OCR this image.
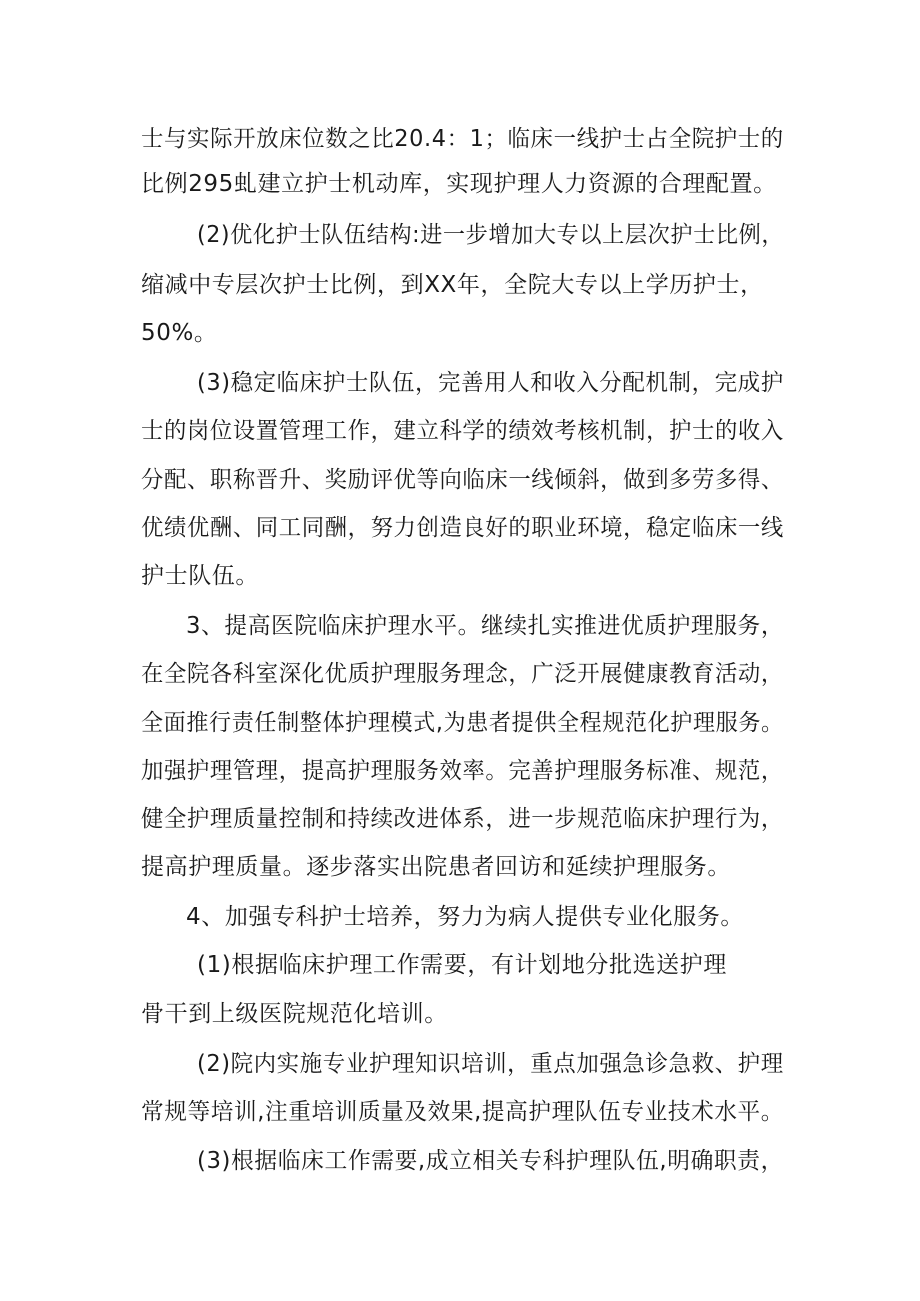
士与实际开放床位数之比20.4：1；临床一线护士占全院护士的
比例295虬建立护士机动库，实现护理人力资源的合理配置。
(2)优化护士队伍结构:进一步增加大专以上层次护士比例，
缩减中专层次护士比例，到XX年，全院大专以上学历护士，
50%。
(3)稳定临床护士队伍，完善用人和收入分配机制，完成护
士的岗位设置管理工作，建立科学的绩效考核机制，护士的收入
分配、职称晋升、奖励评优等向临床一线倾斜，做到多劳多得、
优绩优酬、同工同酬，努力创造良好的职业环境，稳定临床一线
护士队伍。
3、提高医院临床护理水平。继续扎实推进优质护理服务，
在全院各科室深化优质护理服务理念，广泛开展健康教育活动，
全面推行责任制整体护理模式,为患者提供全程规范化护理服务。
加强护理管理，提高护理服务效率。完善护理服务标准、规范，
健全护理质量控制和持续改进体系，进一步规范临床护理行为，
提高护理质量。逐步落实出院患者回访和延续护理服务。
4、加强专科护士培养，努力为病人提供专业化服务。
(1)根据临床护理工作需要，有计划地分批选送护理
骨干到上级医院规范化培训。
(2)院内实施专业护理知识培训，重点加强急诊急救、护理
常规等培训,注重培训质量及效果,提高护理队伍专业技术水平。
(3)根据临床工作需要,成立相关专科护理队伍,明确职责，
